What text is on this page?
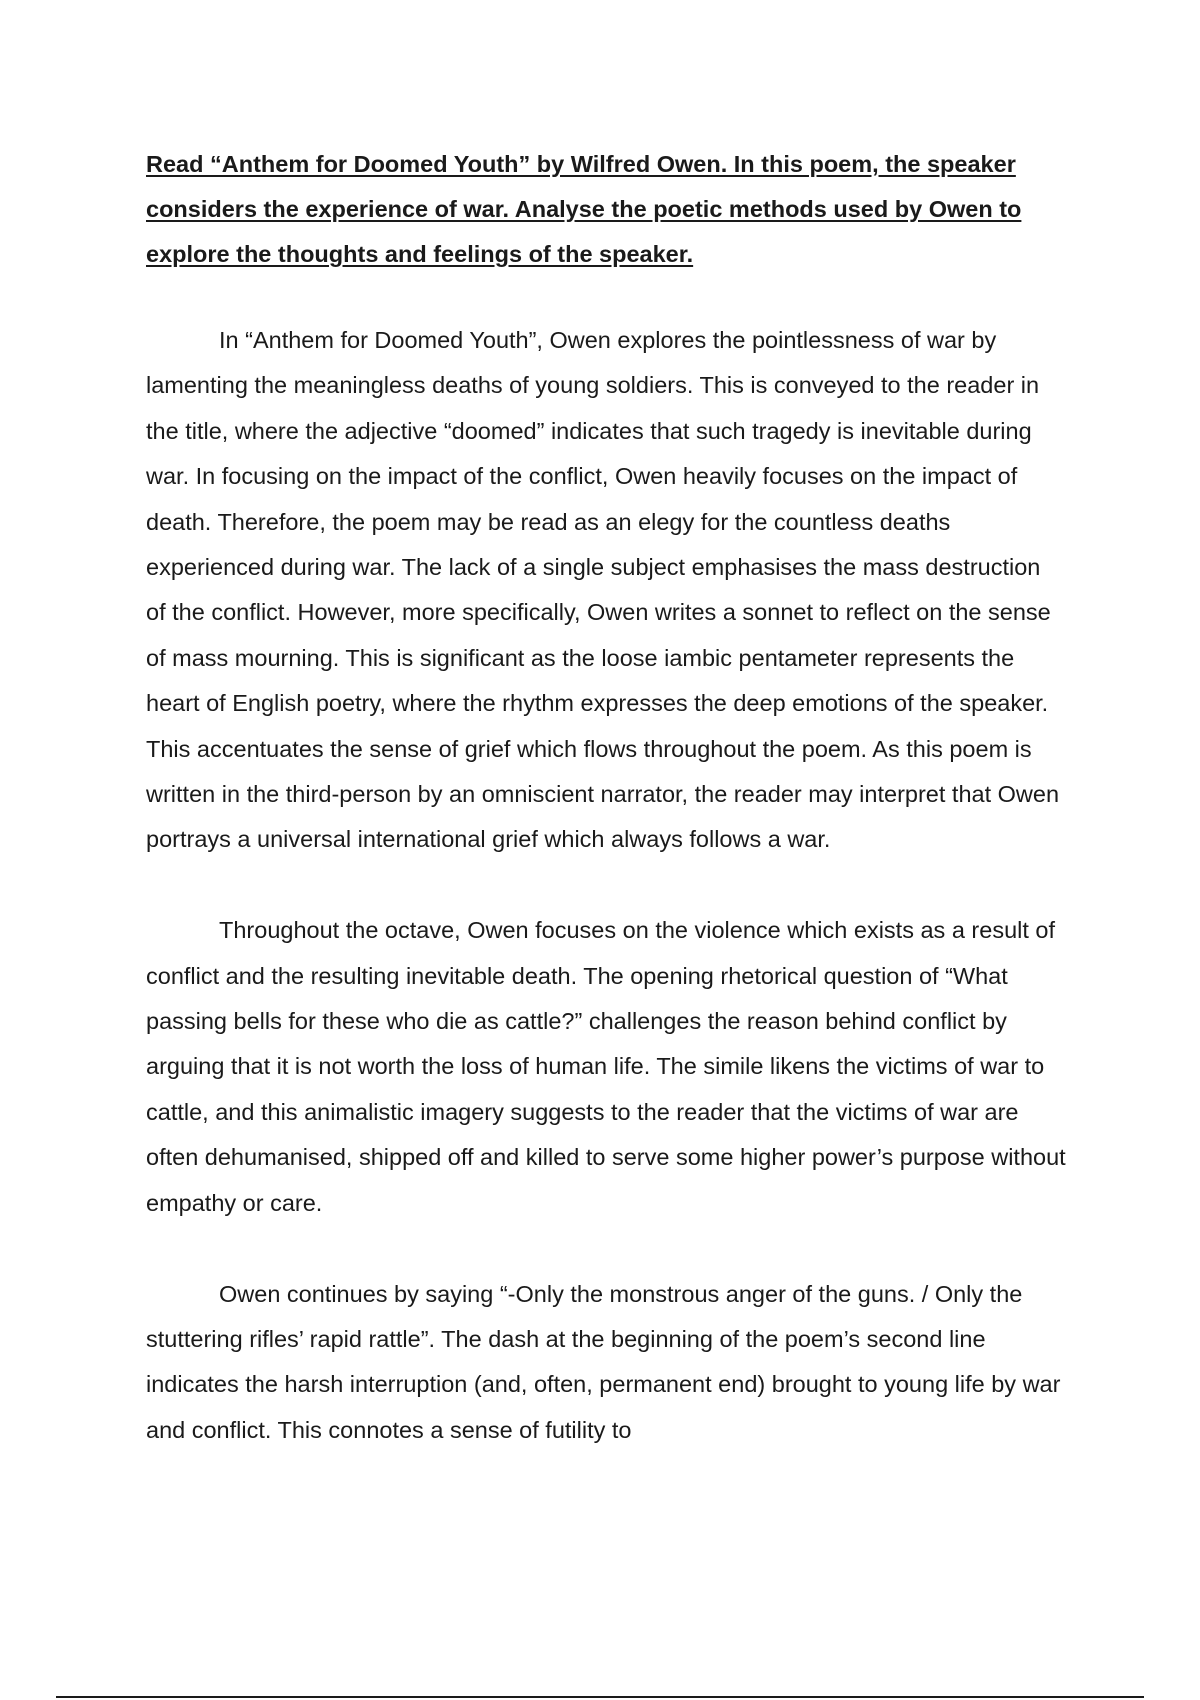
Read “Anthem for Doomed Youth” by Wilfred Owen. In this poem, the speaker considers the experience of war. Analyse the poetic methods used by Owen to explore the thoughts and feelings of the speaker.

In “Anthem for Doomed Youth”, Owen explores the pointlessness of war by lamenting the meaningless deaths of young soldiers. This is conveyed to the reader in the title, where the adjective “doomed” indicates that such tragedy is inevitable during war. In focusing on the impact of the conflict, Owen heavily focuses on the impact of death. Therefore, the poem may be read as an elegy for the countless deaths experienced during war. The lack of a single subject emphasises the mass destruction of the conflict. However, more specifically, Owen writes a sonnet to reflect on the sense of mass mourning. This is significant as the loose iambic pentameter represents the heart of English poetry, where the rhythm expresses the deep emotions of the speaker. This accentuates the sense of grief which flows throughout the poem. As this poem is written in the third-person by an omniscient narrator, the reader may interpret that Owen portrays a universal international grief which always follows a war.

Throughout the octave, Owen focuses on the violence which exists as a result of conflict and the resulting inevitable death. The opening rhetorical question of “What passing bells for these who die as cattle?” challenges the reason behind conflict by arguing that it is not worth the loss of human life. The simile likens the victims of war to cattle, and this animalistic imagery suggests to the reader that the victims of war are often dehumanised, shipped off and killed to serve some higher power’s purpose without empathy or care.

Owen continues by saying “-Only the monstrous anger of the guns. / Only the stuttering rifles’ rapid rattle”. The dash at the beginning of the poem’s second line indicates the harsh interruption (and, often, permanent end) brought to young life by war and conflict. This connotes a sense of futility to
